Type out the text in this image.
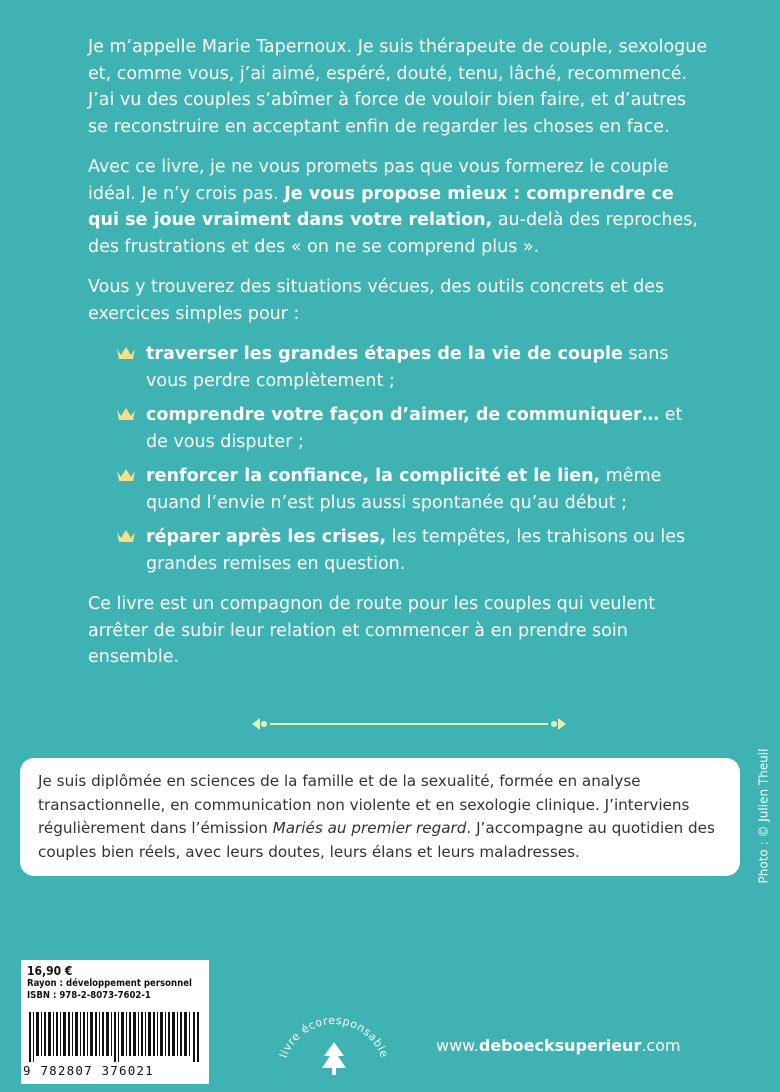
Je m’appelle Marie Tapernoux. Je suis thérapeute de couple, sexologue et, comme vous, j’ai aimé, espéré, douté, tenu, lâché, recommencé. J’ai vu des couples s’abîmer à force de vouloir bien faire, et d’autres se reconstruire en acceptant enfin de regarder les choses en face.

Avec ce livre, je ne vous promets pas que vous formerez le couple idéal. Je n’y crois pas. Je vous propose mieux : comprendre ce qui se joue vraiment dans votre relation, au-delà des reproches, des frustrations et des « on ne se comprend plus ».

Vous y trouverez des situations vécues, des outils concrets et des exercices simples pour :

traverser les grandes étapes de la vie de couple sans vous perdre complètement ;
comprendre votre façon d’aimer, de communiquer… et de vous disputer ;
renforcer la confiance, la complicité et le lien, même quand l’envie n’est plus aussi spontanée qu’au début ;
réparer après les crises, les tempêtes, les trahisons ou les grandes remises en question.

Ce livre est un compagnon de route pour les couples qui veulent arrêter de subir leur relation et commencer à en prendre soin ensemble.

Je suis diplômée en sciences de la famille et de la sexualité, formée en analyse transactionnelle, en communication non violente et en sexologie clinique. J’interviens régulièrement dans l’émission Mariés au premier regard. J’accompagne au quotidien des couples bien réels, avec leurs doutes, leurs élans et leurs maladresses.	Photo : © Julien Theuil
16,90 €
Rayon : développement personnel
ISBN : 978-2-8073-7602-1
9 782807 376021
livre écoresponsable	www.deboecksuperieur.com
